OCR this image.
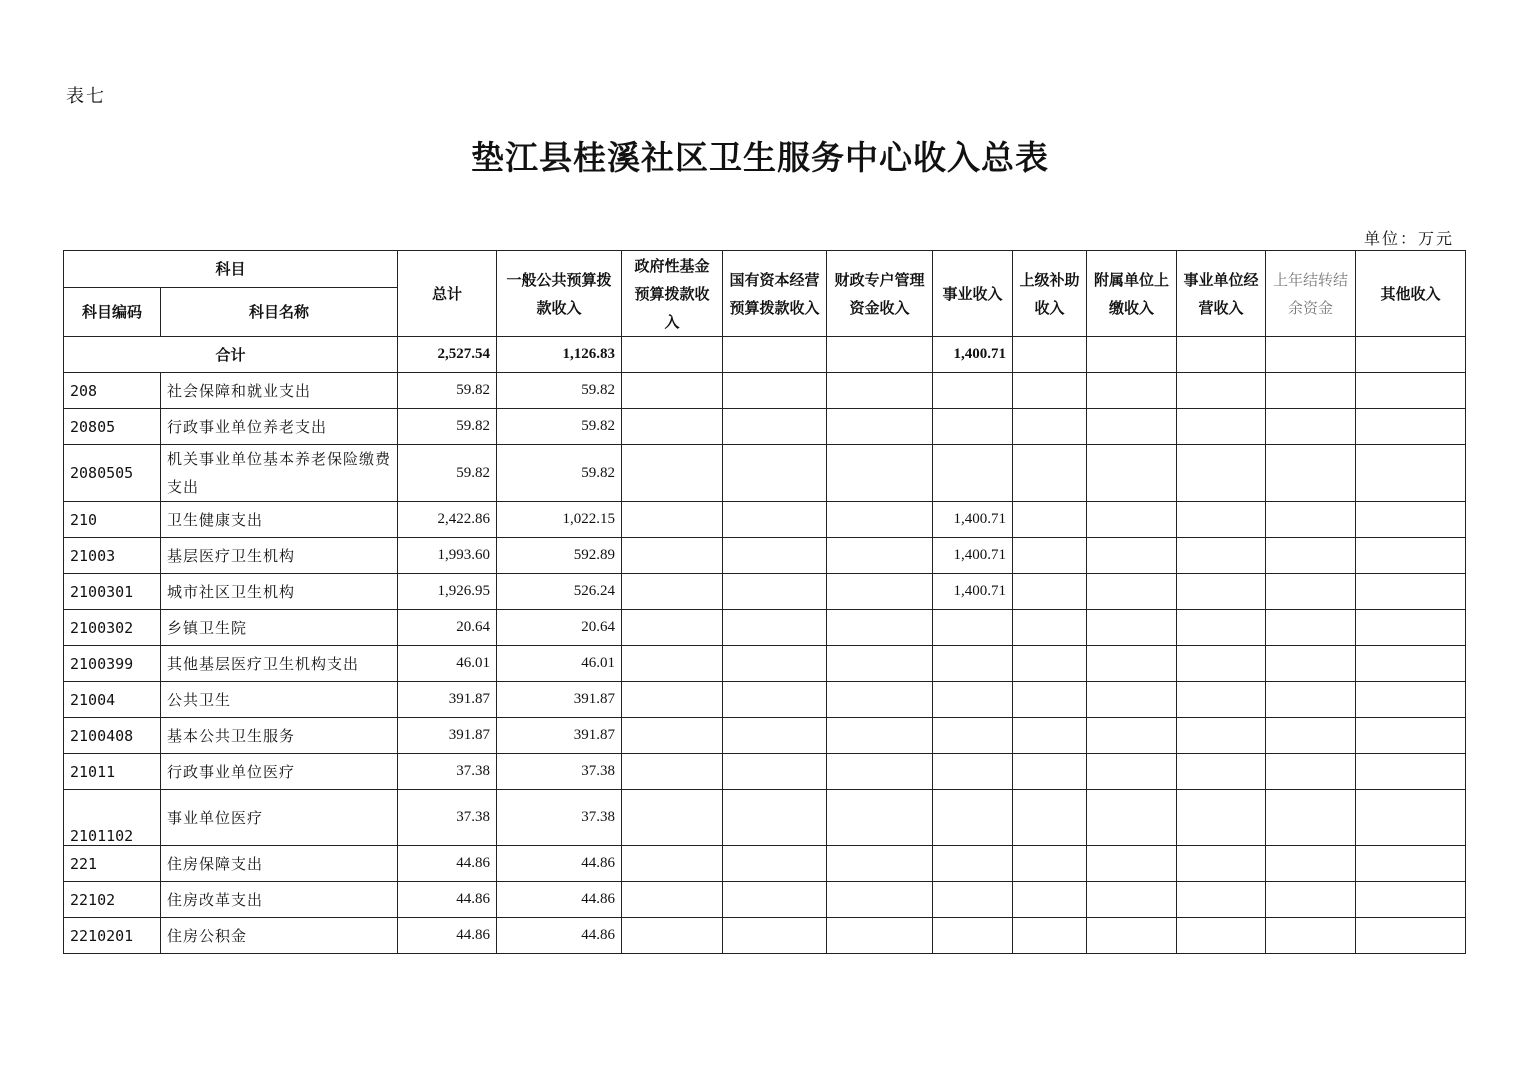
表七
垫江县桂溪社区卫生服务中心收入总表
单位：万元
科目		总计	一般公共预算拨款收入	政府性基金预算拨款收入	国有资本经营预算拨款收入	财政专户管理资金收入	事业收入	上级补助收入	附属单位上缴收入	事业单位经营收入	上年结转结余资金	其他收入
科目编码	科目名称											
合计		2,527.54	1,126.83				1,400.71					
208	社会保障和就业支出	59.82	59.82									
20805	行政事业单位养老支出	59.82	59.82									
2080505	机关事业单位基本养老保险缴费支出	59.82	59.82									
210	卫生健康支出	2,422.86	1,022.15				1,400.71					
21003	基层医疗卫生机构	1,993.60	592.89				1,400.71					
2100301	城市社区卫生机构	1,926.95	526.24				1,400.71					
2100302	乡镇卫生院	20.64	20.64									
2100399	其他基层医疗卫生机构支出	46.01	46.01									
21004	公共卫生	391.87	391.87									
2100408	基本公共卫生服务	391.87	391.87									
21011	行政事业单位医疗	37.38	37.38									
2101102	事业单位医疗	37.38	37.38									
221	住房保障支出	44.86	44.86									
22102	住房改革支出	44.86	44.86									
2210201	住房公积金	44.86	44.86									
